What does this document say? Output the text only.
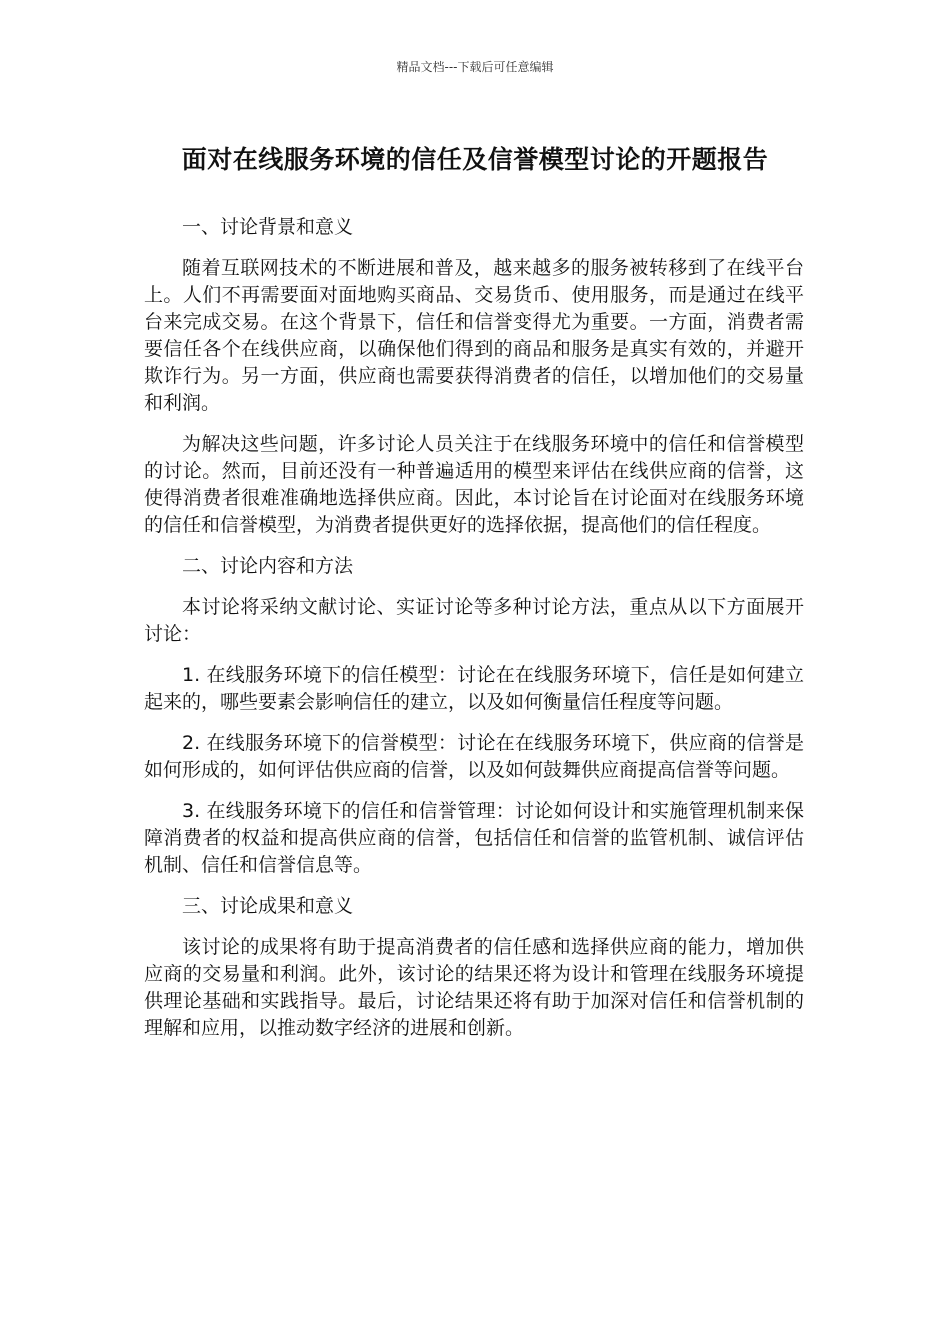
精品文档---下载后可任意编辑
面对在线服务环境的信任及信誉模型讨论的开题报告

一、讨论背景和意义

随着互联网技术的不断进展和普及，越来越多的服务被转移到了在线平台上。人们不再需要面对面地购买商品、交易货币、使用服务，而是通过在线平台来完成交易。在这个背景下，信任和信誉变得尤为重要。一方面，消费者需要信任各个在线供应商，以确保他们得到的商品和服务是真实有效的，并避开欺诈行为。另一方面，供应商也需要获得消费者的信任，以增加他们的交易量和利润。

为解决这些问题，许多讨论人员关注于在线服务环境中的信任和信誉模型的讨论。然而，目前还没有一种普遍适用的模型来评估在线供应商的信誉，这使得消费者很难准确地选择供应商。因此，本讨论旨在讨论面对在线服务环境的信任和信誉模型，为消费者提供更好的选择依据，提高他们的信任程度。

二、讨论内容和方法

本讨论将采纳文献讨论、实证讨论等多种讨论方法，重点从以下方面展开讨论：

1. 在线服务环境下的信任模型：讨论在在线服务环境下，信任是如何建立起来的，哪些要素会影响信任的建立，以及如何衡量信任程度等问题。

2. 在线服务环境下的信誉模型：讨论在在线服务环境下，供应商的信誉是如何形成的，如何评估供应商的信誉，以及如何鼓舞供应商提高信誉等问题。

3. 在线服务环境下的信任和信誉管理：讨论如何设计和实施管理机制来保障消费者的权益和提高供应商的信誉，包括信任和信誉的监管机制、诚信评估机制、信任和信誉信息等。

三、讨论成果和意义

该讨论的成果将有助于提高消费者的信任感和选择供应商的能力，增加供应商的交易量和利润。此外，该讨论的结果还将为设计和管理在线服务环境提供理论基础和实践指导。最后，讨论结果还将有助于加深对信任和信誉机制的理解和应用，以推动数字经济的进展和创新。
